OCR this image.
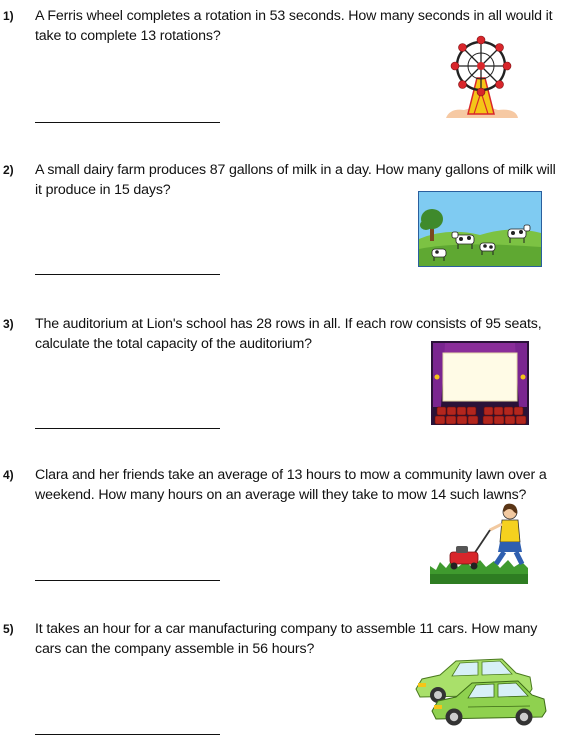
1) A Ferris wheel completes a rotation in 53 seconds. How many seconds in all would it take to complete 13 rotations?
2) A small dairy farm produces 87 gallons of milk in a day. How many gallons of milk will it produce in 15 days?
3) The auditorium at Lion's school has 28 rows in all. If each row consists of 95 seats, calculate the total capacity of the auditorium?
4) Clara and her friends take an average of 13 hours to mow a community lawn over a weekend. How many hours on an average will they take to mow 14 such lawns?
5) It takes an hour for a car manufacturing company to assemble 11 cars. How many cars can the company assemble in 56 hours?
